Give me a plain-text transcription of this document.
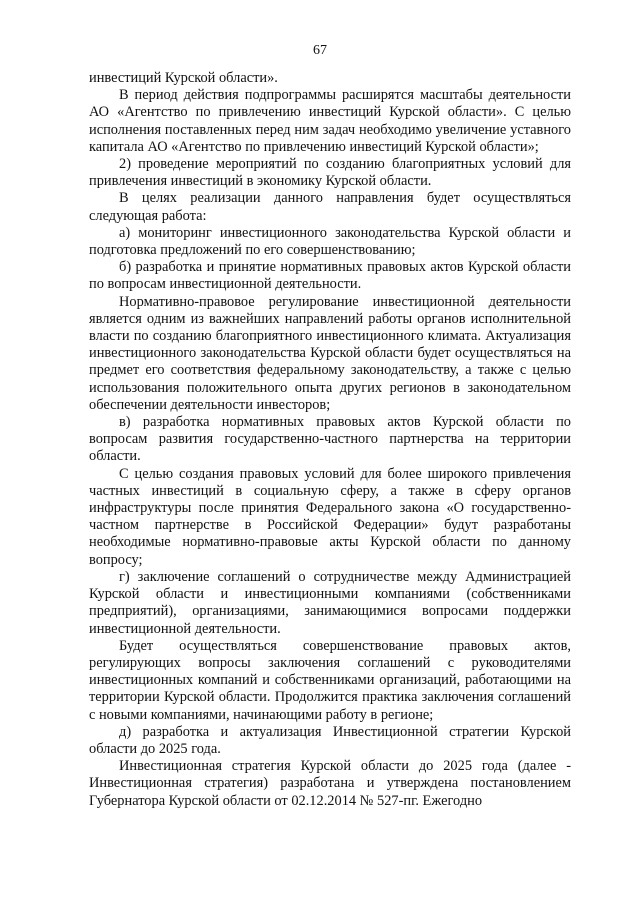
67

инвестиций Курской области».

В период действия подпрограммы расширятся масштабы деятельности АО «Агентство по привлечению инвестиций Курской области». С целью исполнения поставленных перед ним задач необходимо увеличение уставного капитала АО «Агентство по привлечению инвестиций Курской области»;

2) проведение мероприятий по созданию благоприятных условий для привлечения инвестиций в экономику Курской области.

В целях реализации данного направления будет осуществляться следующая работа:

а) мониторинг инвестиционного законодательства Курской области и подготовка предложений по его совершенствованию;

б) разработка и принятие нормативных правовых актов Курской области по вопросам инвестиционной деятельности.

Нормативно-правовое регулирование инвестиционной деятельности является одним из важнейших направлений работы органов исполнительной власти по созданию благоприятного инвестиционного климата. Актуализация инвестиционного законодательства Курской области будет осуществляться на предмет его соответствия федеральному законодательству, а также с целью использования положительного опыта других регионов в законодательном обеспечении деятельности инвесторов;

в) разработка нормативных правовых актов Курской области по вопросам развития государственно-частного партнерства на территории области.

С целью создания правовых условий для более широкого привлечения частных инвестиций в социальную сферу, а также в сферу органов инфраструктуры после принятия Федерального закона «О государственно-частном партнерстве в Российской Федерации» будут разработаны необходимые нормативно-правовые акты Курской области по данному вопросу;

г) заключение соглашений о сотрудничестве между Администрацией Курской области и инвестиционными компаниями (собственниками предприятий), организациями, занимающимися вопросами поддержки инвестиционной деятельности.

Будет осуществляться совершенствование правовых актов, регулирующих вопросы заключения соглашений с руководителями инвестиционных компаний и собственниками организаций, работающими на территории Курской области. Продолжится практика заключения соглашений с новыми компаниями, начинающими работу в регионе;

д) разработка и актуализация Инвестиционной стратегии Курской области до 2025 года.

Инвестиционная стратегия Курской области до 2025 года (далее - Инвестиционная стратегия) разработана и утверждена постановлением Губернатора Курской области от 02.12.2014 № 527-пг. Ежегодно
